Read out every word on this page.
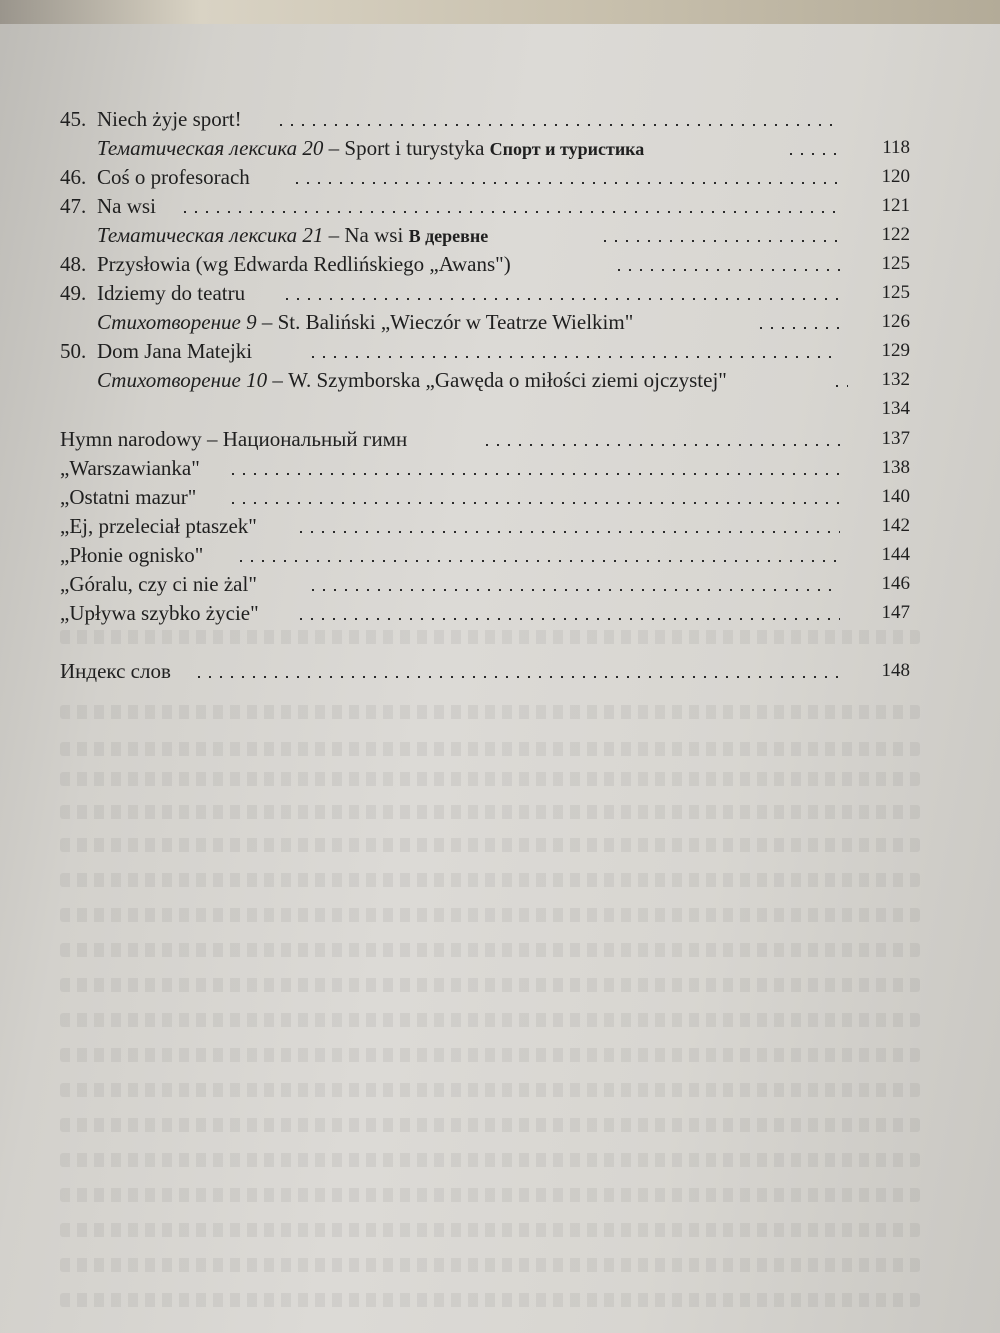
45. Niech żyje sport!
Тематическая лексика 20 – Sport i turystyka Спорт и туристика	118
46. Coś o profesorach	120
47. Na wsi	121
Тематическая лексика 21 – Na wsi В деревне	122
48. Przysłowia (wg Edwarda Redlińskiego „Awans")	125
49. Idziemy do teatru	125
Стихотворение 9 – St. Baliński „Wieczór w Teatrze Wielkim"	126
50. Dom Jana Matejki	129
Стихотворение 10 – W. Szymborska „Gawęda o miłości ziemi ojczystej"	132
134
Hymn narodowy – Национальный гимн	137
„Warszawianka"	138
„Ostatni mazur"	140
„Ej, przeleciał ptaszek"	142
„Płonie ognisko"	144
„Góralu, czy ci nie żal"	146
„Upływa szybko życie"	147
Индекс слов	148
